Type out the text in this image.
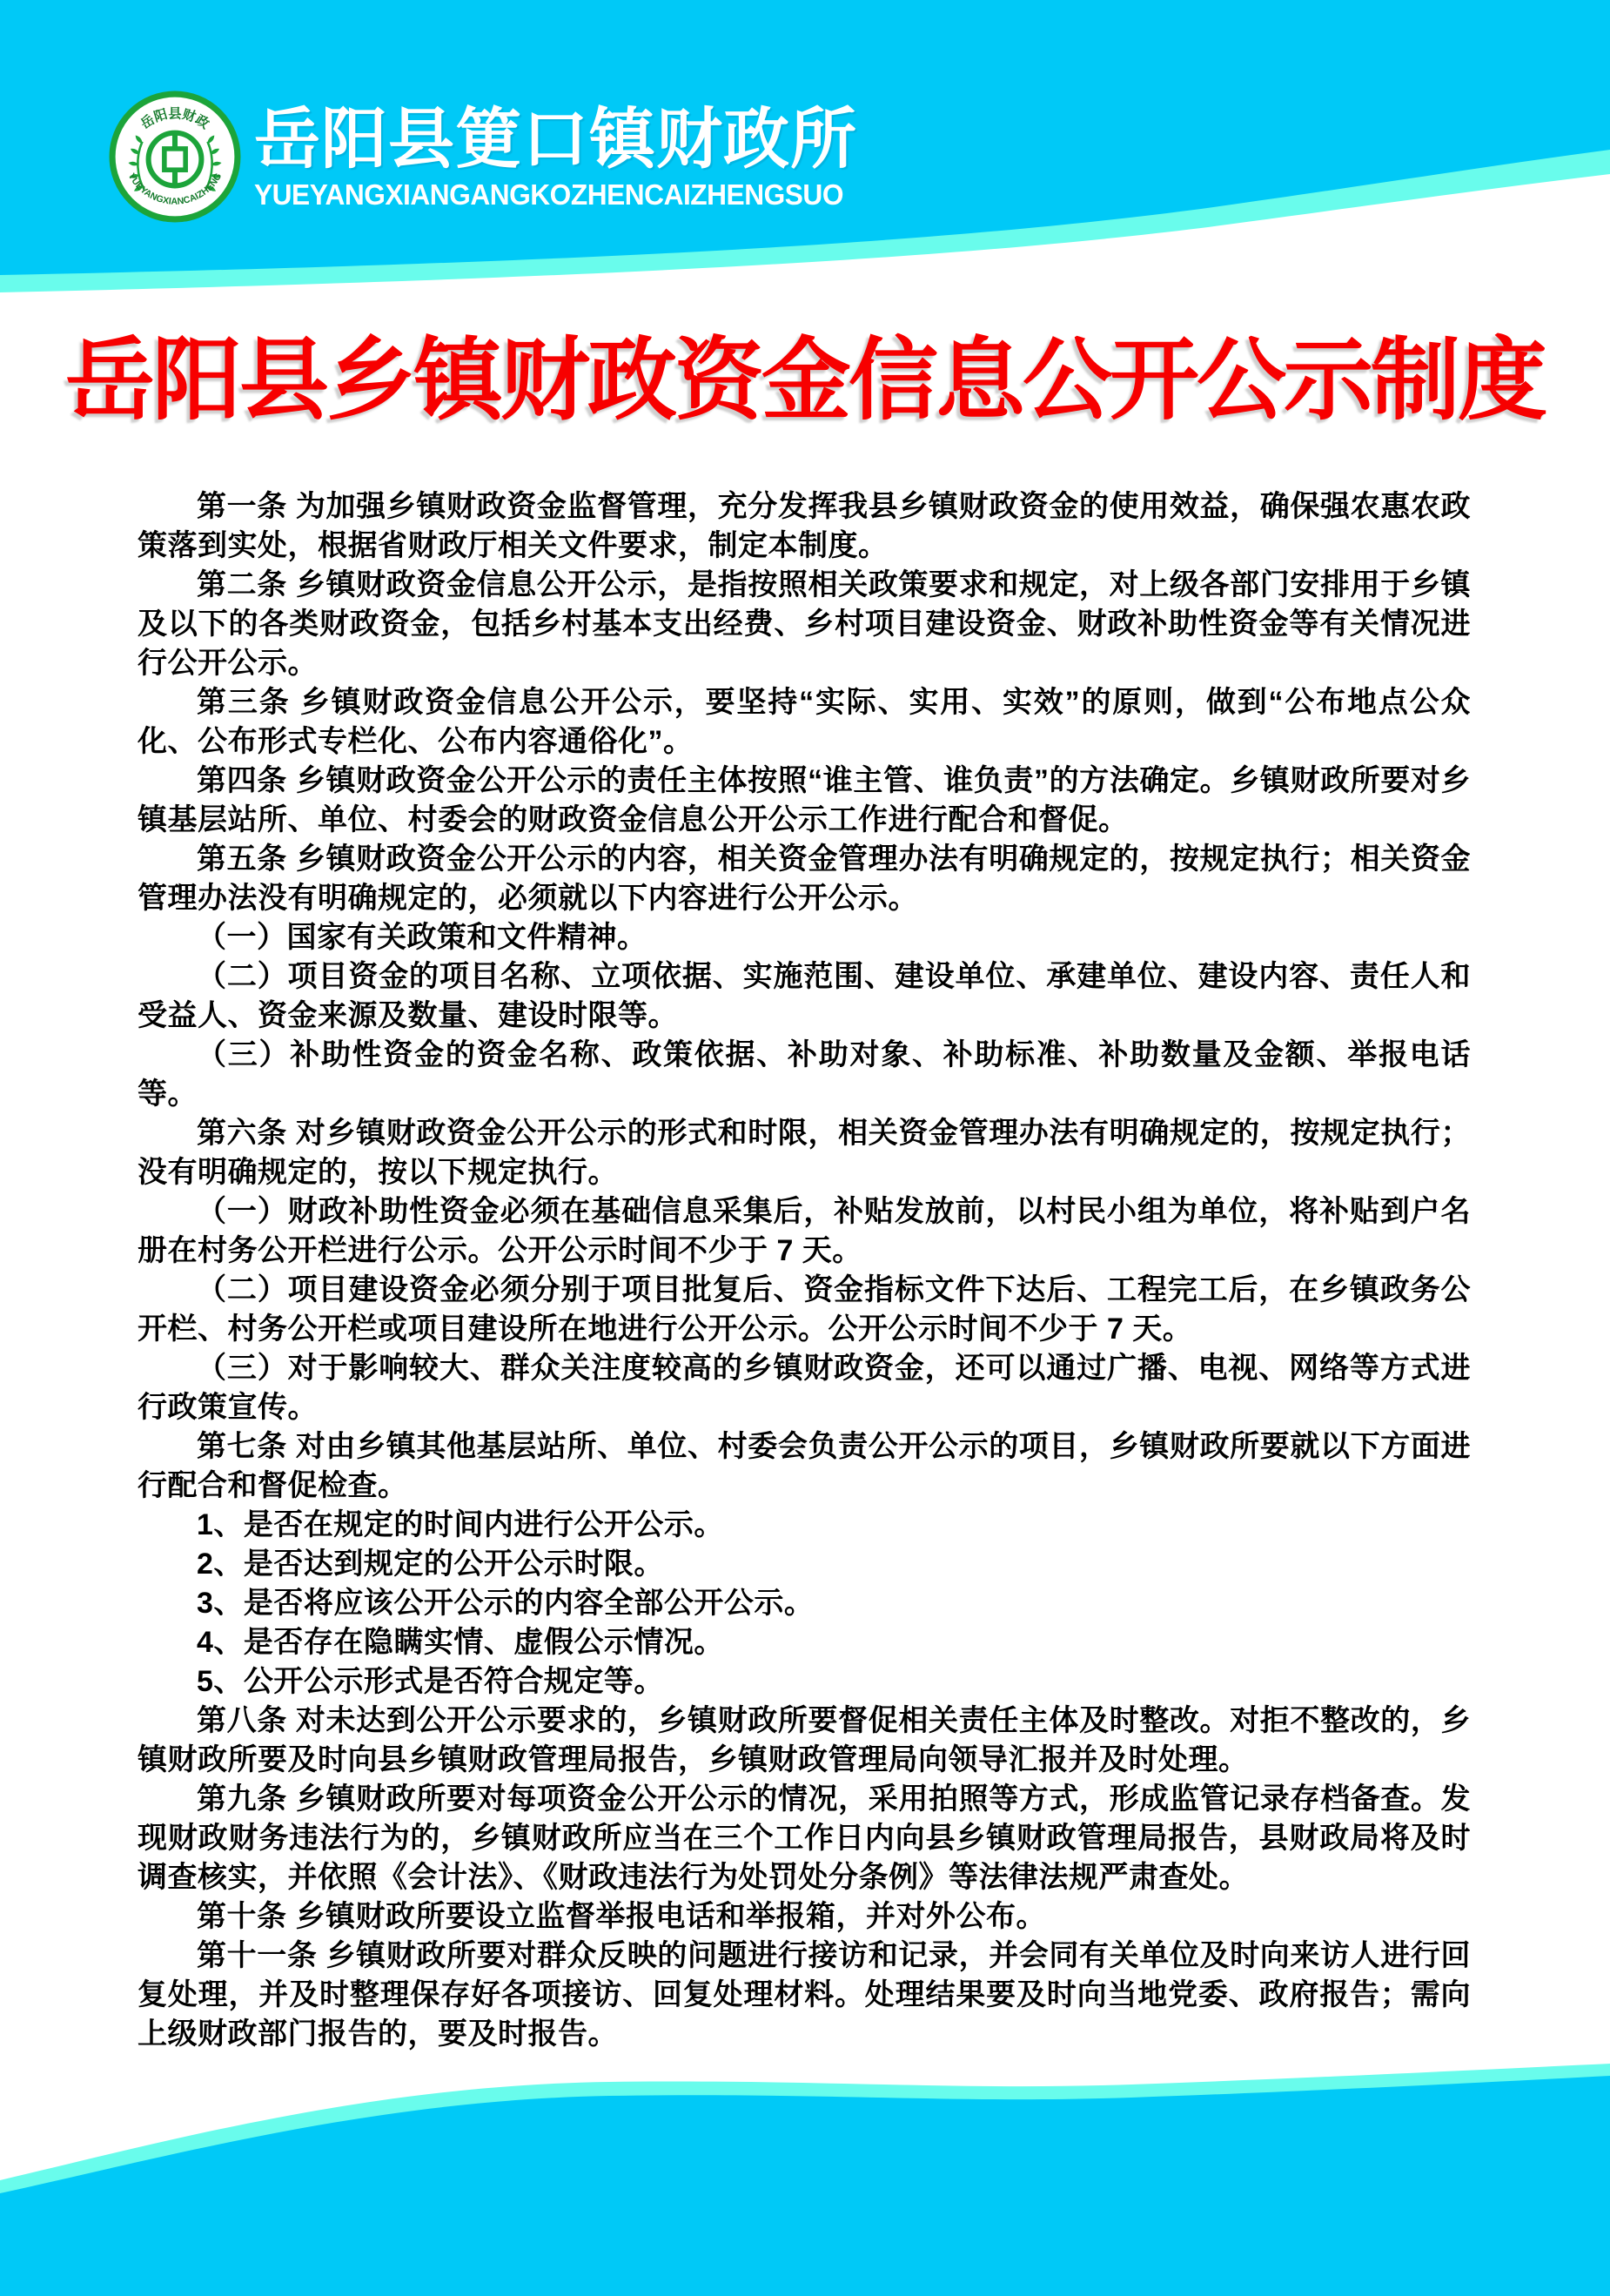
岳阳县财政
YUEYANGXIANCAIZHENG
岳阳县筻口镇财政所
YUEYANGXIANGANGKOZHENCAIZHENGSUO
岳阳县乡镇财政资金信息公开公示制度

第一条 为加强乡镇财政资金监督管理，充分发挥我县乡镇财政资金的使用效益，确保强农惠农政策落到实处，根据省财政厅相关文件要求，制定本制度。

第二条 乡镇财政资金信息公开公示，是指按照相关政策要求和规定，对上级各部门安排用于乡镇及以下的各类财政资金，包括乡村基本支出经费、乡村项目建设资金、财政补助性资金等有关情况进行公开公示。

第三条 乡镇财政资金信息公开公示，要坚持“实际、实用、实效”的原则，做到“公布地点公众化、公布形式专栏化、公布内容通俗化”。

第四条 乡镇财政资金公开公示的责任主体按照“谁主管、谁负责”的方法确定。乡镇财政所要对乡镇基层站所、单位、村委会的财政资金信息公开公示工作进行配合和督促。

第五条 乡镇财政资金公开公示的内容，相关资金管理办法有明确规定的，按规定执行；相关资金管理办法没有明确规定的，必须就以下内容进行公开公示。

（一）国家有关政策和文件精神。

（二）项目资金的项目名称、立项依据、实施范围、建设单位、承建单位、建设内容、责任人和受益人、资金来源及数量、建设时限等。

（三）补助性资金的资金名称、政策依据、补助对象、补助标准、补助数量及金额、举报电话等。

第六条 对乡镇财政资金公开公示的形式和时限，相关资金管理办法有明确规定的，按规定执行；没有明确规定的，按以下规定执行。

（一）财政补助性资金必须在基础信息采集后，补贴发放前，以村民小组为单位，将补贴到户名册在村务公开栏进行公示。公开公示时间不少于 7 天。

（二）项目建设资金必须分别于项目批复后、资金指标文件下达后、工程完工后，在乡镇政务公开栏、村务公开栏或项目建设所在地进行公开公示。公开公示时间不少于 7 天。

（三）对于影响较大、群众关注度较高的乡镇财政资金，还可以通过广播、电视、网络等方式进行政策宣传。

第七条 对由乡镇其他基层站所、单位、村委会负责公开公示的项目，乡镇财政所要就以下方面进行配合和督促检查。

1、是否在规定的时间内进行公开公示。

2、是否达到规定的公开公示时限。

3、是否将应该公开公示的内容全部公开公示。

4、是否存在隐瞒实情、虚假公示情况。

5、公开公示形式是否符合规定等。

第八条 对未达到公开公示要求的，乡镇财政所要督促相关责任主体及时整改。对拒不整改的，乡镇财政所要及时向县乡镇财政管理局报告，乡镇财政管理局向领导汇报并及时处理。

第九条 乡镇财政所要对每项资金公开公示的情况，采用拍照等方式，形成监管记录存档备查。发现财政财务违法行为的，乡镇财政所应当在三个工作日内向县乡镇财政管理局报告，县财政局将及时调查核实，并依照《会计法》、《财政违法行为处罚处分条例》等法律法规严肃查处。

第十条 乡镇财政所要设立监督举报电话和举报箱，并对外公布。

第十一条 乡镇财政所要对群众反映的问题进行接访和记录，并会同有关单位及时向来访人进行回复处理，并及时整理保存好各项接访、回复处理材料。处理结果要及时向当地党委、政府报告；需向上级财政部门报告的，要及时报告。
